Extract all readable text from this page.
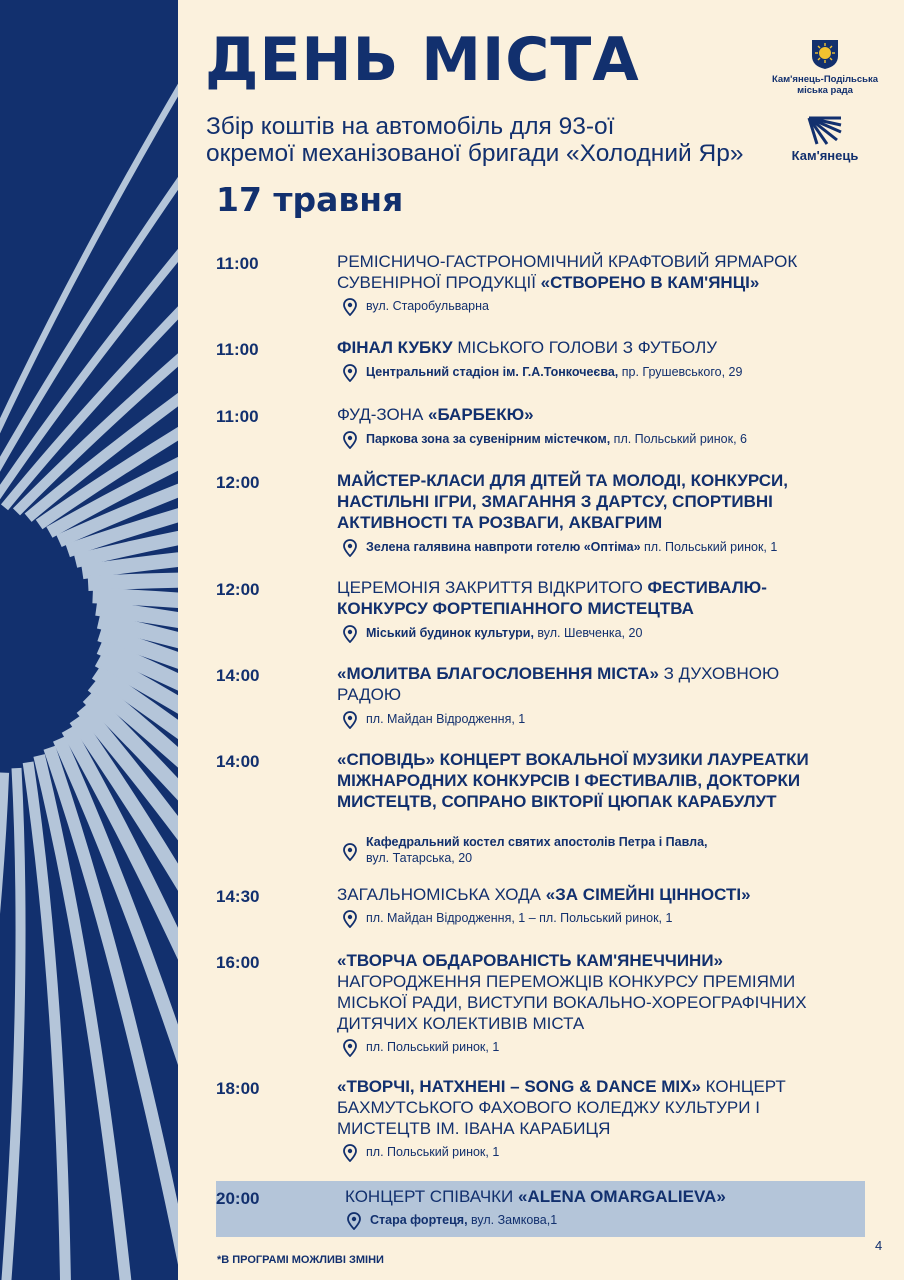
ДЕНЬ МІСТА
Збір коштів на автомобіль для 93-ої
окремої механізованої бригади «Холодний Яр»
17 травня
Кам'янець-Подільська
міська рада
Кам'янець
11:00	РЕМІСНИЧО-ГАСТРОНОМІЧНИЙ КРАФТОВИЙ ЯРМАРОК СУВЕНІРНОЇ ПРОДУКЦІЇ «СТВОРЕНО В КАМ'ЯНЦІ»
вул. Старобульварна
11:00	ФІНАЛ КУБКУ МІСЬКОГО ГОЛОВИ З ФУТБОЛУ
Центральний стадіон ім. Г.А.Тонкочеєва, пр. Грушевського, 29
11:00	ФУД-ЗОНА «БАРБЕКЮ»
Паркова зона за сувенірним містечком, пл. Польський ринок, 6
12:00	МАЙСТЕР-КЛАСИ ДЛЯ ДІТЕЙ ТА МОЛОДІ, КОНКУРСИ, НАСТІЛЬНІ ІГРИ, ЗМАГАННЯ З ДАРТСУ, СПОРТИВНІ АКТИВНОСТІ ТА РОЗВАГИ, АКВАГРИМ
Зелена галявина навпроти готелю «Оптіма» пл. Польський ринок, 1
12:00	ЦЕРЕМОНІЯ ЗАКРИТТЯ ВІДКРИТОГО ФЕСТИВАЛЮ-КОНКУРСУ ФОРТЕПІАННОГО МИСТЕЦТВА
Міський будинок культури, вул. Шевченка, 20
14:00	«МОЛИТВА БЛАГОСЛОВЕННЯ МІСТА» З ДУХОВНОЮ РАДОЮ
пл. Майдан Відродження, 1
14:00	«СПОВІДЬ» КОНЦЕРТ ВОКАЛЬНОЇ МУЗИКИ ЛАУРЕАТКИ МІЖНАРОДНИХ КОНКУРСІВ І ФЕСТИВАЛІВ, ДОКТОРКИ МИСТЕЦТВ, СОПРАНО ВІКТОРІЇ ЦЮПАК КАРАБУЛУТ
Кафедральний костел святих апостолів Петра і Павла,
вул. Татарська, 20
14:30	ЗАГАЛЬНОМІСЬКА ХОДА «ЗА СІМЕЙНІ ЦІННОСТІ»
пл. Майдан Відродження, 1 – пл. Польський ринок, 1
16:00	«ТВОРЧА ОБДАРОВАНІСТЬ КАМ'ЯНЕЧЧИНИ» НАГОРОДЖЕННЯ ПЕРЕМОЖЦІВ КОНКУРСУ ПРЕМІЯМИ МІСЬКОЇ РАДИ, ВИСТУПИ ВОКАЛЬНО-ХОРЕОГРАФІЧНИХ ДИТЯЧИХ КОЛЕКТИВІВ МІСТА
пл. Польський ринок, 1
18:00	«ТВОРЧІ, НАТХНЕНІ – SONG & DANCE MIX» КОНЦЕРТ БАХМУТСЬКОГО ФАХОВОГО КОЛЕДЖУ КУЛЬТУРИ І МИСТЕЦТВ ІМ. ІВАНА КАРАБИЦЯ
пл. Польський ринок, 1
20:00	КОНЦЕРТ СПІВАЧКИ «ALENA OMARGALIEVA»
Стара фортеця, вул. Замкова,1
*В ПРОГРАМІ МОЖЛИВІ ЗМІНИ
4
